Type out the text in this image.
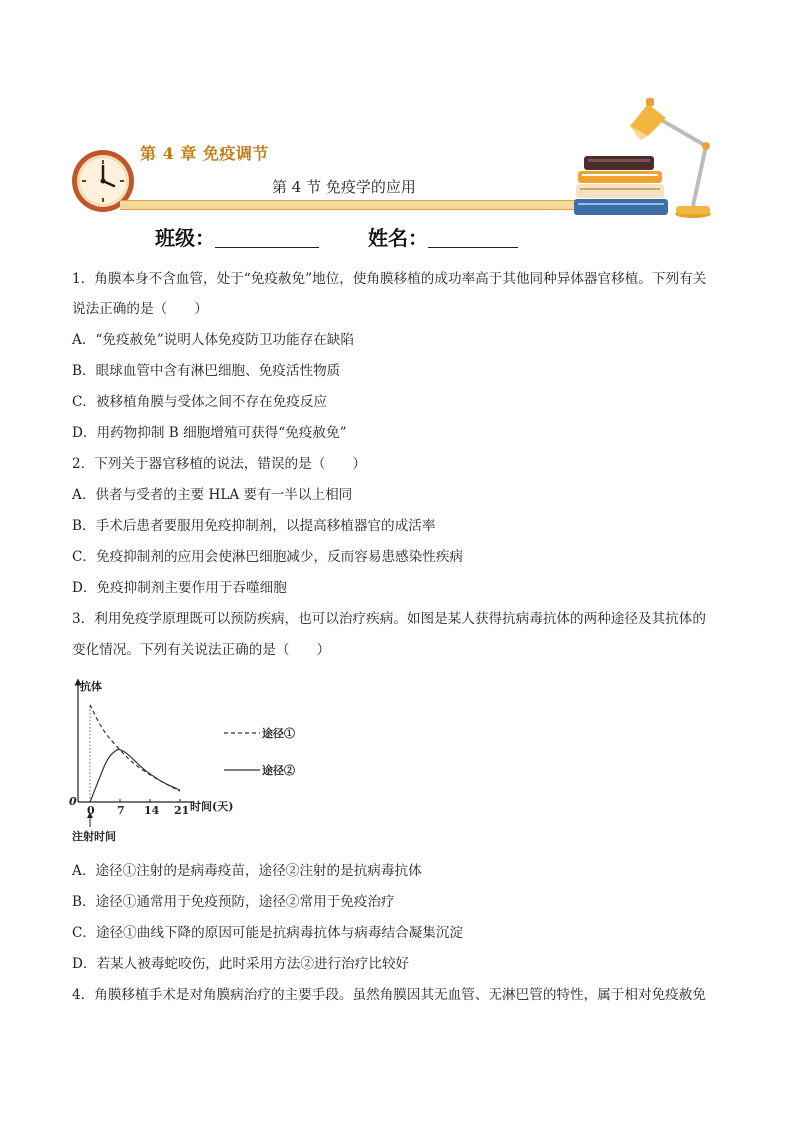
第 4 章 免疫调节
第 4 节 免疫学的应用
班级：	姓名：
1．角膜本身不含血管，处于“免疫赦免”地位，使角膜移植的成功率高于其他同种异体器官移植。下列有关
说法正确的是（　　）
A．“免疫赦免”说明人体免疫防卫功能存在缺陷
B．眼球血管中含有淋巴细胞、免疫活性物质
C．被移植角膜与受体之间不存在免疫反应
D．用药物抑制 B 细胞增殖可获得“免疫赦免”
2．下列关于器官移植的说法，错误的是（　　）
A．供者与受者的主要 HLA 要有一半以上相同
B．手术后患者要服用免疫抑制剂，以提高移植器官的成活率
C．免疫抑制剂的应用会使淋巴细胞减少，反而容易患感染性疾病
D．免疫抑制剂主要作用于吞噬细胞
3．利用免疫学原理既可以预防疾病，也可以治疗疾病。如图是某人获得抗病毒抗体的两种途径及其抗体的
变化情况。下列有关说法正确的是（　　）
抗体
0	时间(天)
注射时间
0 7 14 21
途径①
途径②
A．途径①注射的是病毒疫苗，途径②注射的是抗病毒抗体
B．途径①通常用于免疫预防，途径②常用于免疫治疗
C．途径①曲线下降的原因可能是抗病毒抗体与病毒结合凝集沉淀
D．若某人被毒蛇咬伤，此时采用方法②进行治疗比较好
4．角膜移植手术是对角膜病治疗的主要手段。虽然角膜因其无血管、无淋巴管的特性，属于相对免疫赦免
